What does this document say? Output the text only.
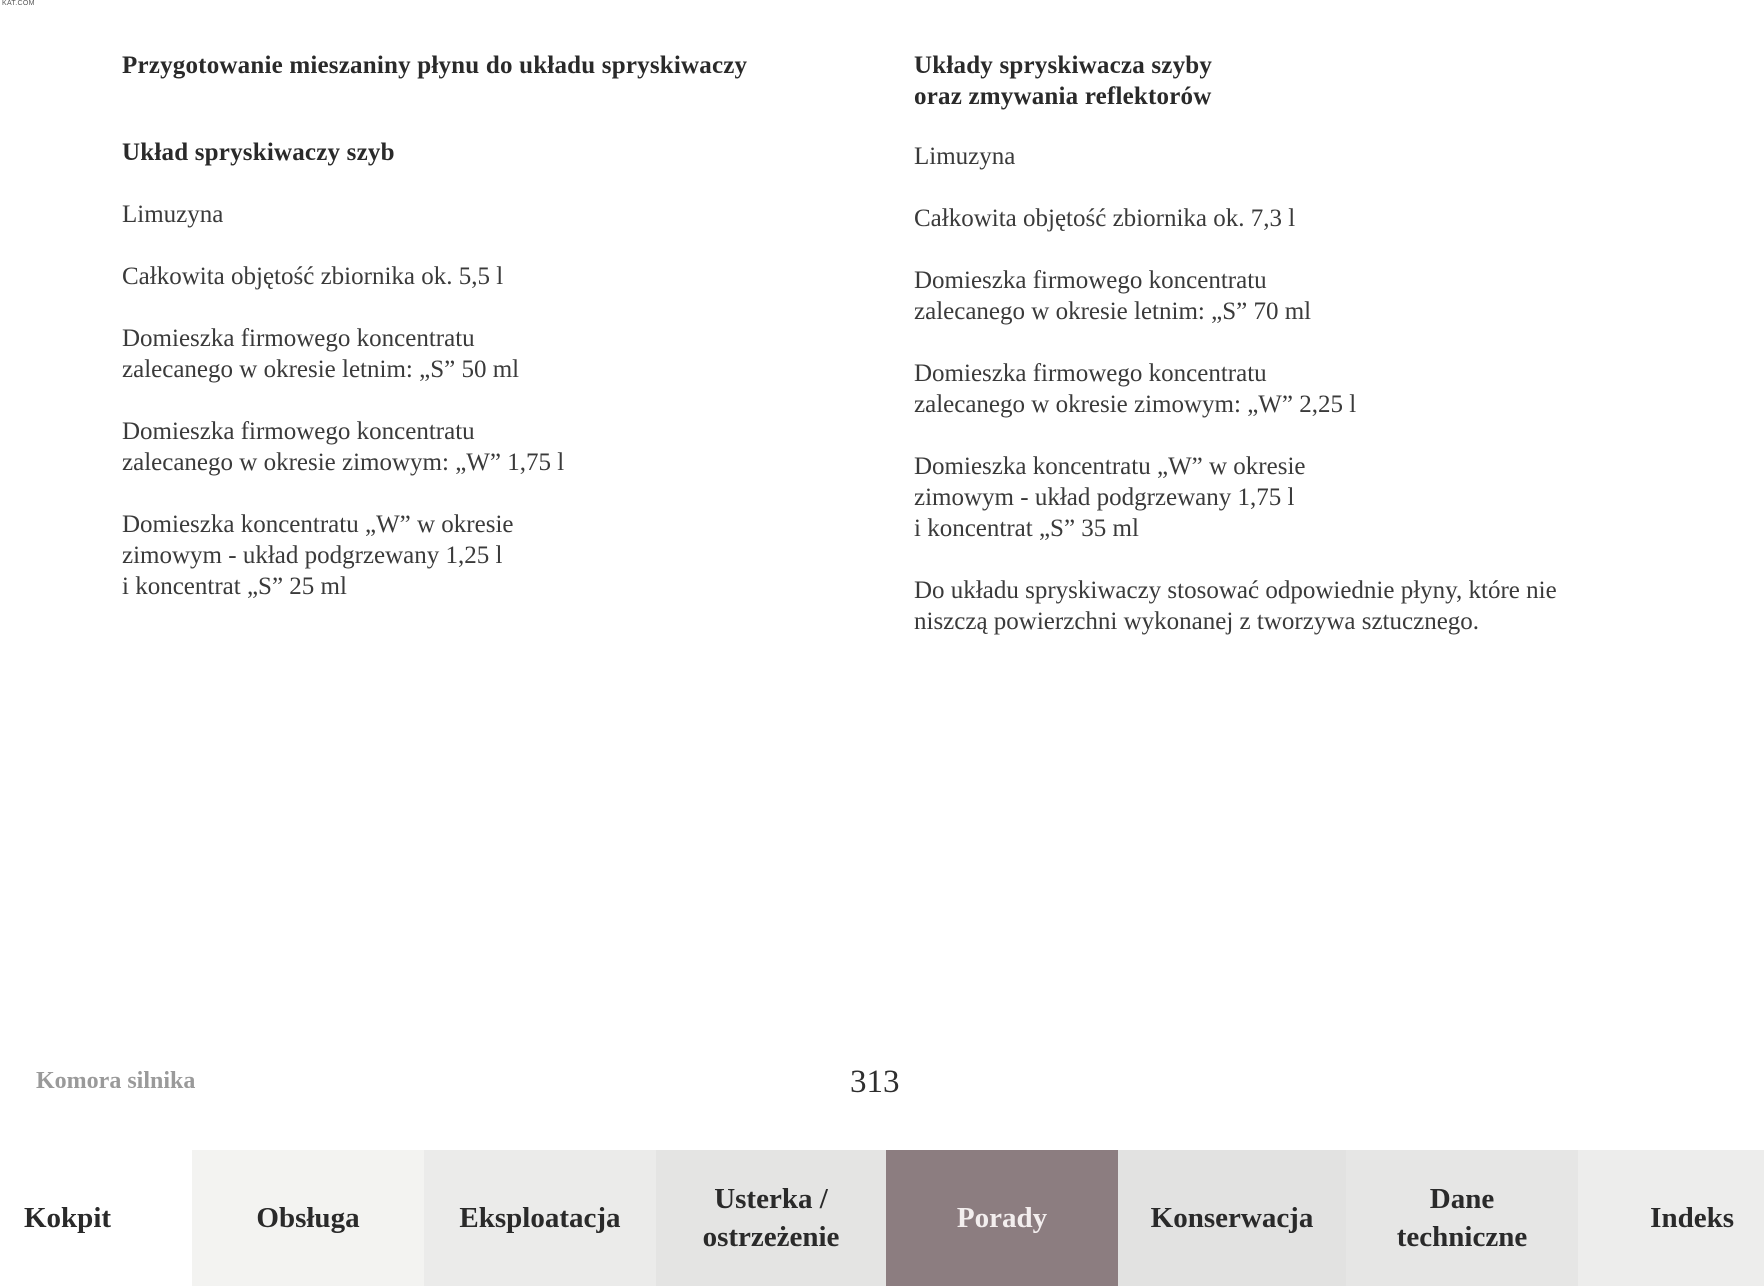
KAT.COM

Przygotowanie mieszaniny płynu do układu spryskiwaczy

Układ spryskiwaczy szyb

Limuzyna

Całkowita objętość zbiornika ok. 5,5 l

Domieszka firmowego koncentratu
zalecanego w okresie letnim: „S” 50 ml

Domieszka firmowego koncentratu
zalecanego w okresie zimowym: „W” 1,75 l

Domieszka koncentratu „W” w okresie
zimowym - układ podgrzewany 1,25 l
i koncentrat „S” 25 ml

Układy spryskiwacza szyby
oraz zmywania reflektorów

Limuzyna

Całkowita objętość zbiornika ok. 7,3 l

Domieszka firmowego koncentratu
zalecanego w okresie letnim: „S” 70 ml

Domieszka firmowego koncentratu
zalecanego w okresie zimowym: „W” 2,25 l

Domieszka koncentratu „W” w okresie
zimowym - układ podgrzewany 1,75 l
i koncentrat „S” 35 ml

Do układu spryskiwaczy stosować odpowiednie płyny, które nie
niszczą powierzchni wykonanej z tworzywa sztucznego.

Komora silnika	313
Kokpit	Obsługa	Eksploatacja
Usterka /
ostrzeżenie
Porady	Konserwacja
Dane
techniczne
Indeks
